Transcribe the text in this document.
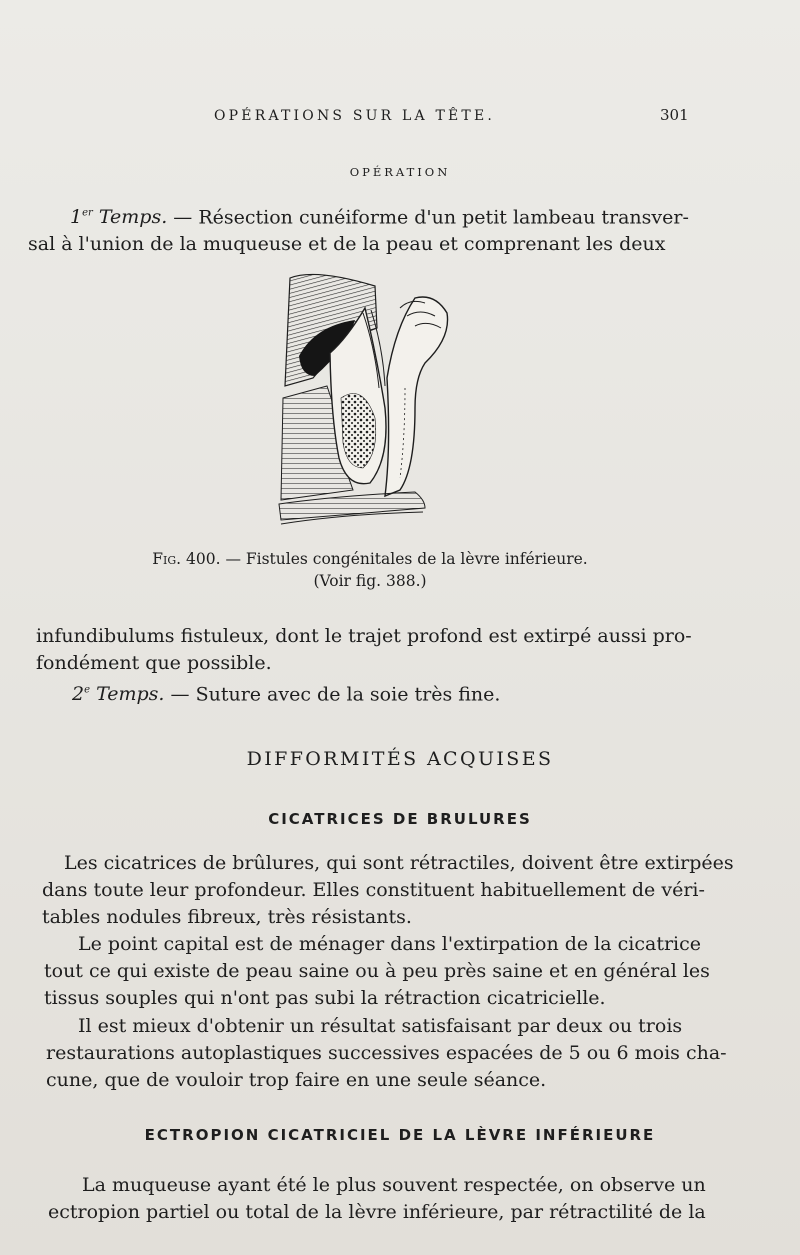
OPÉRATIONS SUR LA TÊTE.	301
OPÉRATION
1er Temps. — Résection cunéiforme d'un petit lambeau transver-
sal à l'union de la muqueuse et de la peau et comprenant les deux
Fig. 400. — Fistules congénitales de la lèvre inférieure.
(Voir fig. 388.)
infundibulums fistuleux, dont le trajet profond est extirpé aussi pro-
fondément que possible.
2e Temps. — Suture avec de la soie très fine.
DIFFORMITÉS ACQUISES
CICATRICES DE BRULURES
Les cicatrices de brûlures, qui sont rétractiles, doivent être extirpées
dans toute leur profondeur. Elles constituent habituellement de véri-
tables nodules fibreux, très résistants.
Le point capital est de ménager dans l'extirpation de la cicatrice
tout ce qui existe de peau saine ou à peu près saine et en général les
tissus souples qui n'ont pas subi la rétraction cicatricielle.
Il est mieux d'obtenir un résultat satisfaisant par deux ou trois
restaurations autoplastiques successives espacées de 5 ou 6 mois cha-
cune, que de vouloir trop faire en une seule séance.
ECTROPION CICATRICIEL DE LA LÈVRE INFÉRIEURE
La muqueuse ayant été le plus souvent respectée, on observe un
ectropion partiel ou total de la lèvre inférieure, par rétractilité de la
